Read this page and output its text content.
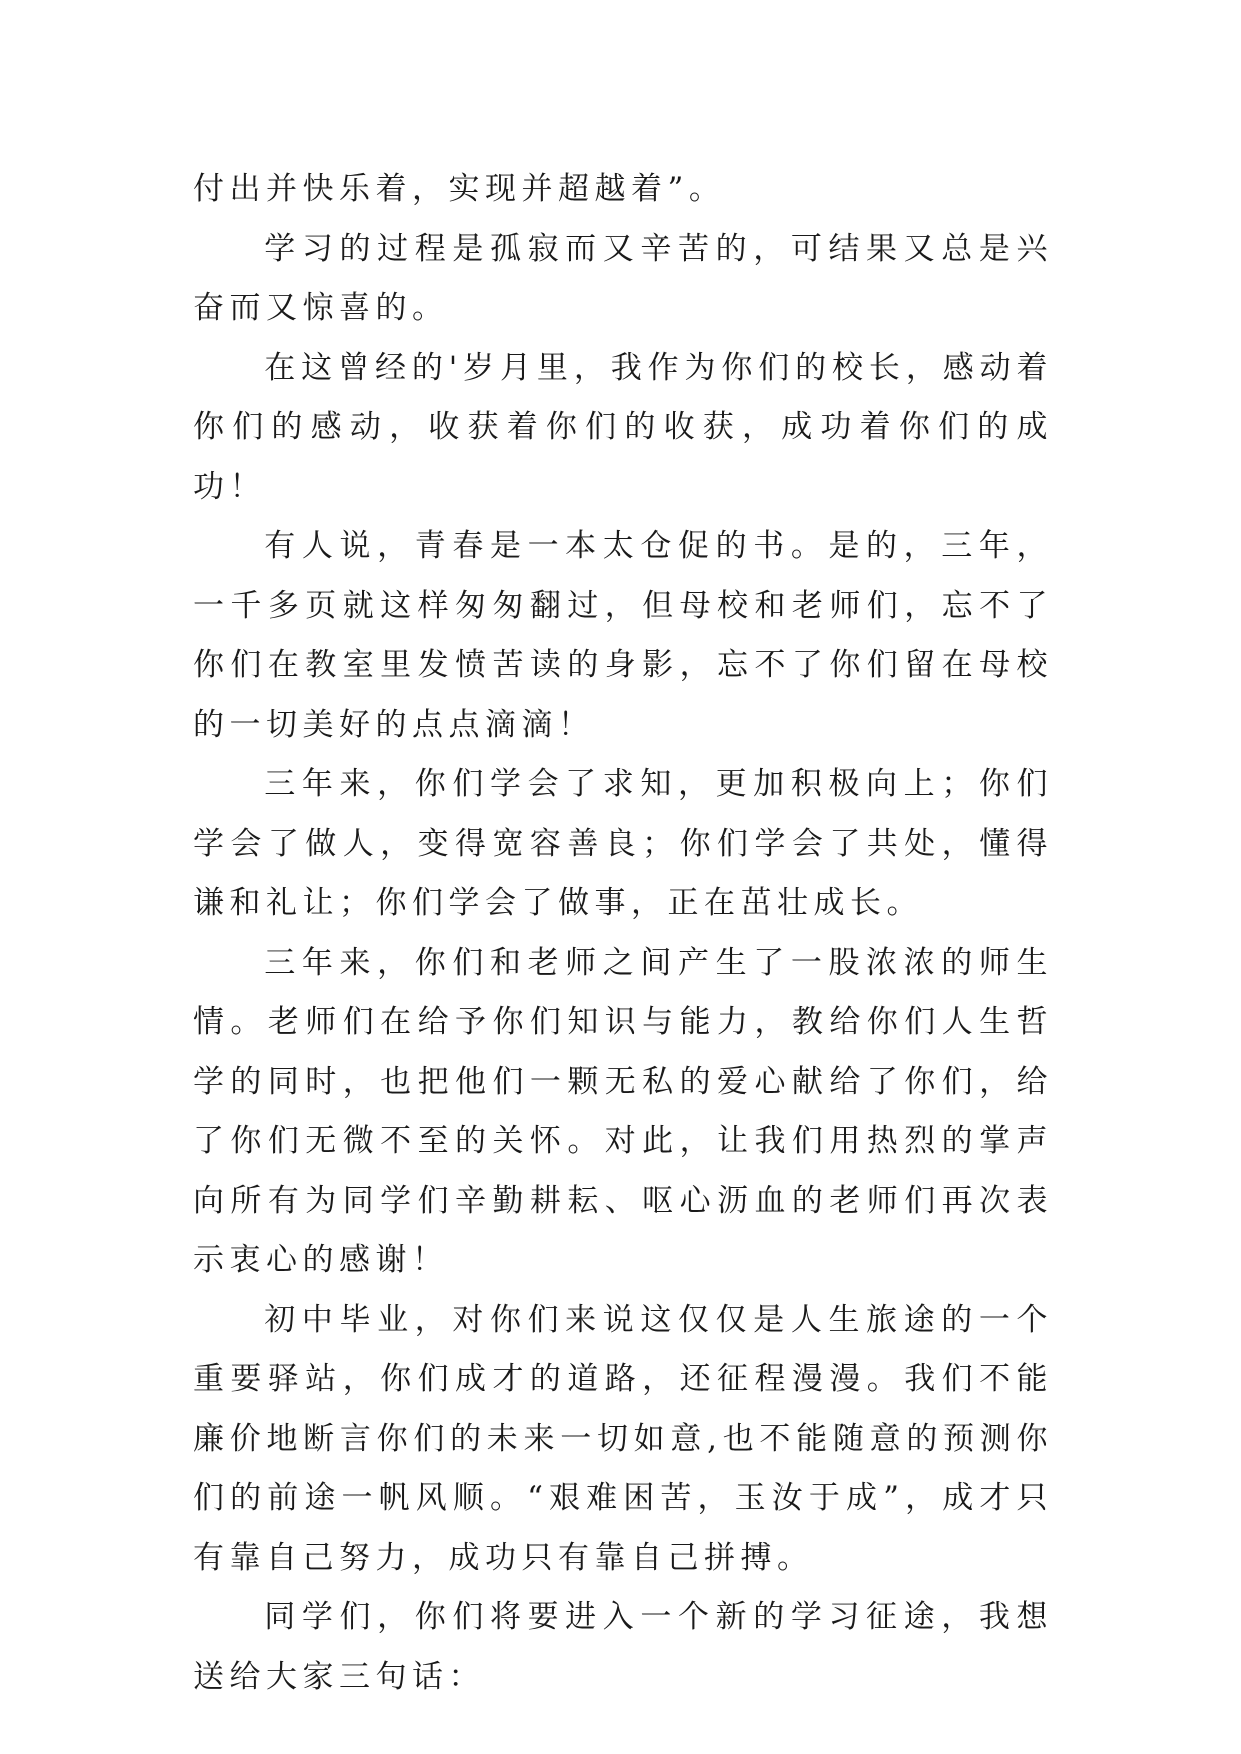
付出并快乐着，实现并超越着”。

学习的过程是孤寂而又辛苦的，可结果又总是兴奋而又惊喜的。

在这曾经的'岁月里，我作为你们的校长，感动着你们的感动，收获着你们的收获，成功着你们的成功！

有人说，青春是一本太仓促的书。是的，三年，一千多页就这样匆匆翻过，但母校和老师们，忘不了你们在教室里发愤苦读的身影，忘不了你们留在母校的一切美好的点点滴滴！

三年来，你们学会了求知，更加积极向上；你们学会了做人，变得宽容善良；你们学会了共处，懂得谦和礼让；你们学会了做事，正在茁壮成长。

三年来，你们和老师之间产生了一股浓浓的师生情。老师们在给予你们知识与能力，教给你们人生哲学的同时，也把他们一颗无私的爱心献给了你们，给了你们无微不至的关怀。对此，让我们用热烈的掌声向所有为同学们辛勤耕耘、呕心沥血的老师们再次表示衷心的感谢！

初中毕业，对你们来说这仅仅是人生旅途的一个重要驿站，你们成才的道路，还征程漫漫。我们不能廉价地断言你们的未来一切如意,也不能随意的预测你们的前途一帆风顺。“艰难困苦，玉汝于成”，成才只有靠自己努力，成功只有靠自己拼搏。

同学们，你们将要进入一个新的学习征途，我想送给大家三句话：
